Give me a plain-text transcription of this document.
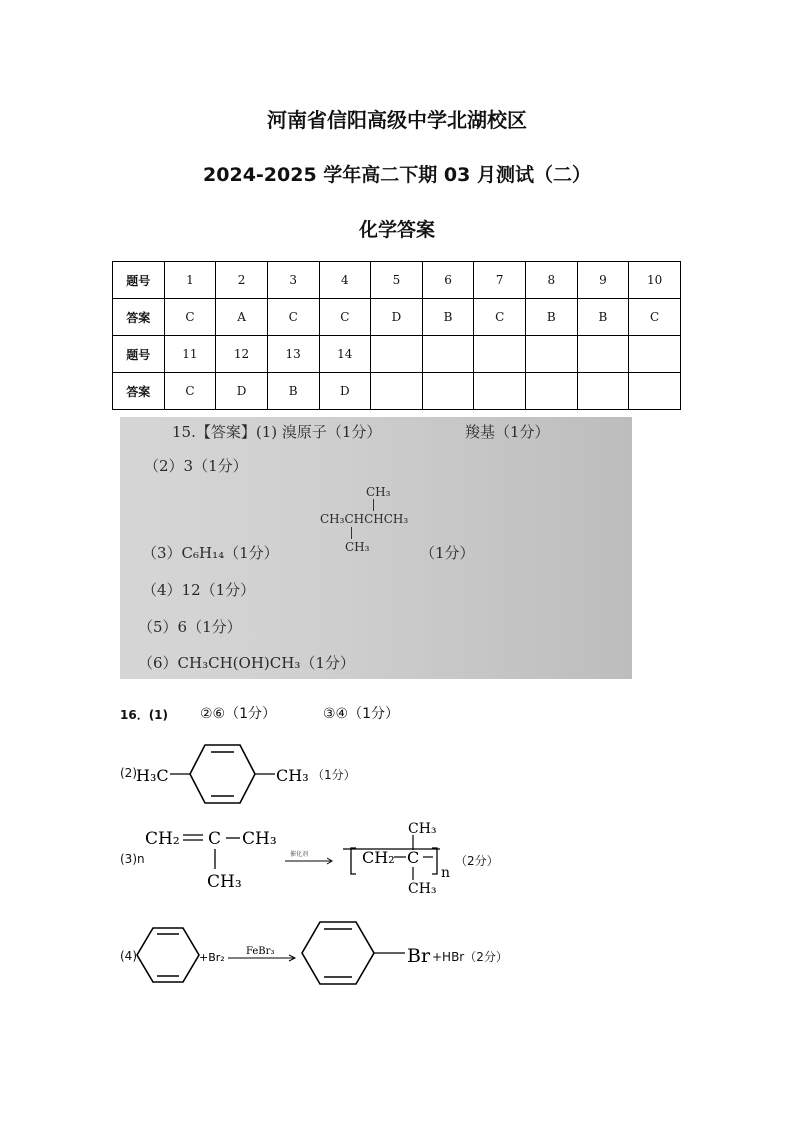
河南省信阳高级中学北湖校区
2024-2025 学年高二下期 03 月测试（二）
化学答案
题号	1	2	3	4	5	6	7	8	9	10
答案	C	A	C	C	D	B	C	B	B	C
题号	11	12	13	14						
答案	C	D	B	D						
15.【答案】(1) 溴原子（1分）	羧基（1分）
（2）3（1分）
CH₃
CH₃CHCHCH₃
CH₃
（3）C₆H₁₄（1分）	（1分）
（4）12（1分）
（5）6（1分）
（6）CH₃CH(OH)CH₃（1分）
16．(1) ②⑥（1分）	③④（1分）
(2) H₃C	CH₃ （1分）
(3)n
CH₂ C CH₃
CH₃
催化剂	CH₂ C
CH₃
CH₃
n
（2分）
(4)	+Br₂ FeBr₃	Br +HBr（2分）
